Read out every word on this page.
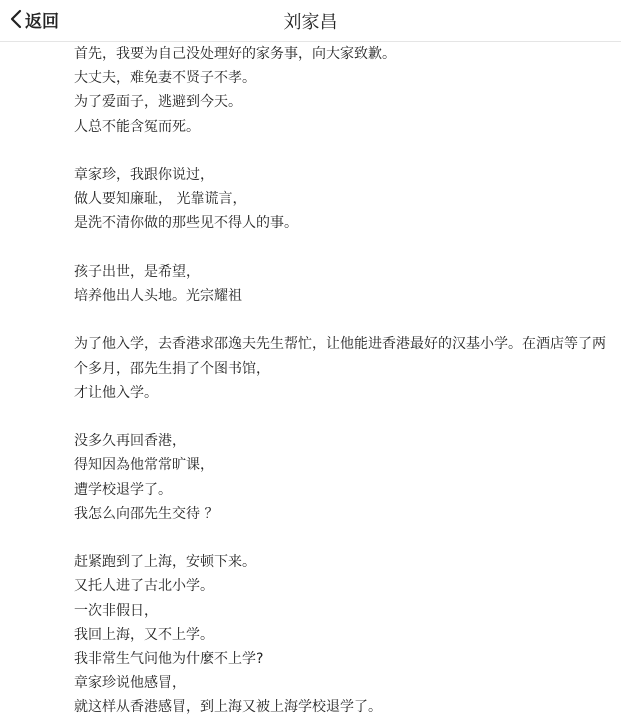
返回	刘家昌

首先，我要为自己没处理好的家务事，向大家致歉。

大丈夫，难免妻不贤子不孝。

为了爱面子，逃避到今天。

人总不能含冤而死。

章家珍，我跟你说过，

做人要知廉耻， 光靠谎言，

是洗不清你做的那些见不得人的事。

孩子出世，是希望，

培养他出人头地。光宗耀祖

为了他入学，去香港求邵逸夫先生帮忙，让他能进香港最好的汉基小学。在酒店等了两个多月，邵先生捐了个图书馆，

才让他入学。

没多久再回香港，

得知因為他常常旷课，

遭学校退学了。

我怎么向邵先生交待 ？

赶紧跑到了上海，安顿下来。

又托人进了古北小学。

一次非假日，

我回上海，又不上学。

我非常生气问他为什麼不上学?

章家珍说他感冒，

就这样从香港感冒，到上海又被上海学校退学了。
